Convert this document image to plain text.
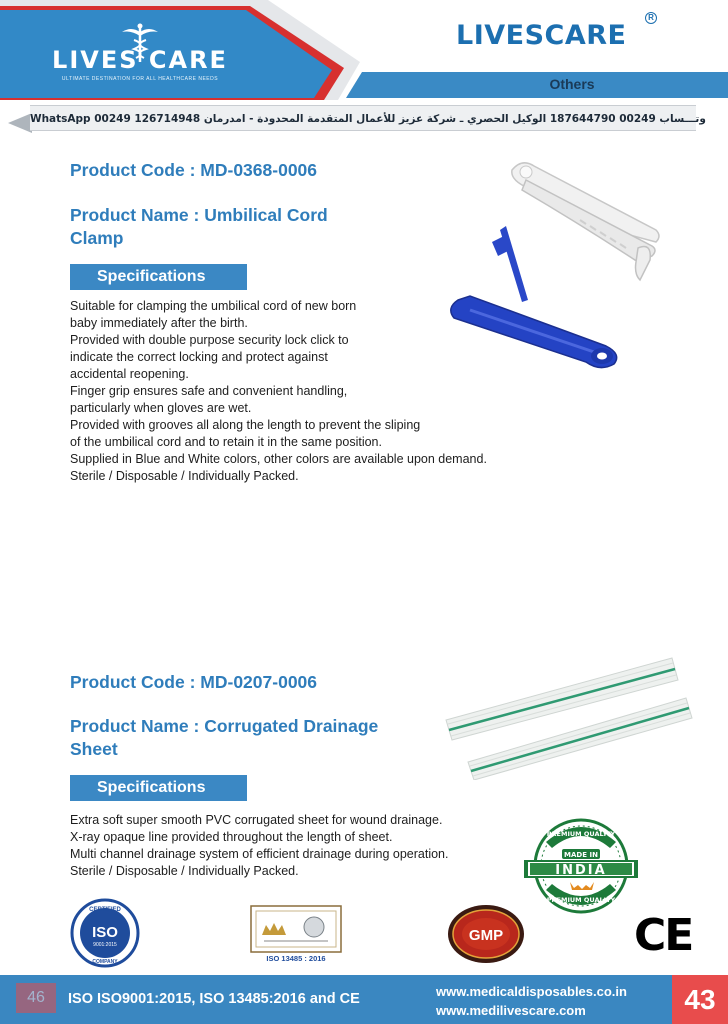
LIVES CARE
ULTIMATE DESTINATION FOR ALL HEALTHCARE NEEDS
LIVESCARE
R
Others
WhatsApp 00249 126714948 وتـــساب 00249 187644790 الوكيل الحصري ـ شركة عزيز للأعمال المتقدمة المحدودة - امدرمان
Product Code : MD-0368-0006
Product Name : Umbilical Cord
Clamp
Specifications
Suitable for clamping the umbilical cord of new born
baby immediately after the birth.
Provided with double purpose security lock click to
indicate the correct locking and protect against
accidental reopening.
Finger grip ensures safe and convenient handling,
particularly when gloves are wet.
Provided with grooves all along the length to prevent the sliping
of the umbilical cord and to retain it in the same position.
Supplied in Blue and White colors, other colors are available upon demand.
Sterile / Disposable / Individually Packed.
Product Code : MD-0207-0006
Product Name : Corrugated Drainage
Sheet
Specifications
Extra soft super smooth PVC corrugated sheet for wound drainage.
X-ray opaque line provided throughout the length of sheet.
Multi channel drainage system of efficient drainage during operation.
Sterile / Disposable / Individually Packed.
PREMIUM QUALITY
PREMIUM QUALITY
MADE IN
INDIA
CERTIFIED
ISO
9001:2015
COMPANY	ISO 13485 : 2016
GMP	CE
46	ISO ISO9001:2015, ISO 13485:2016 and CE	www.medicaldisposables.co.in
www.medilivescare.com	43
